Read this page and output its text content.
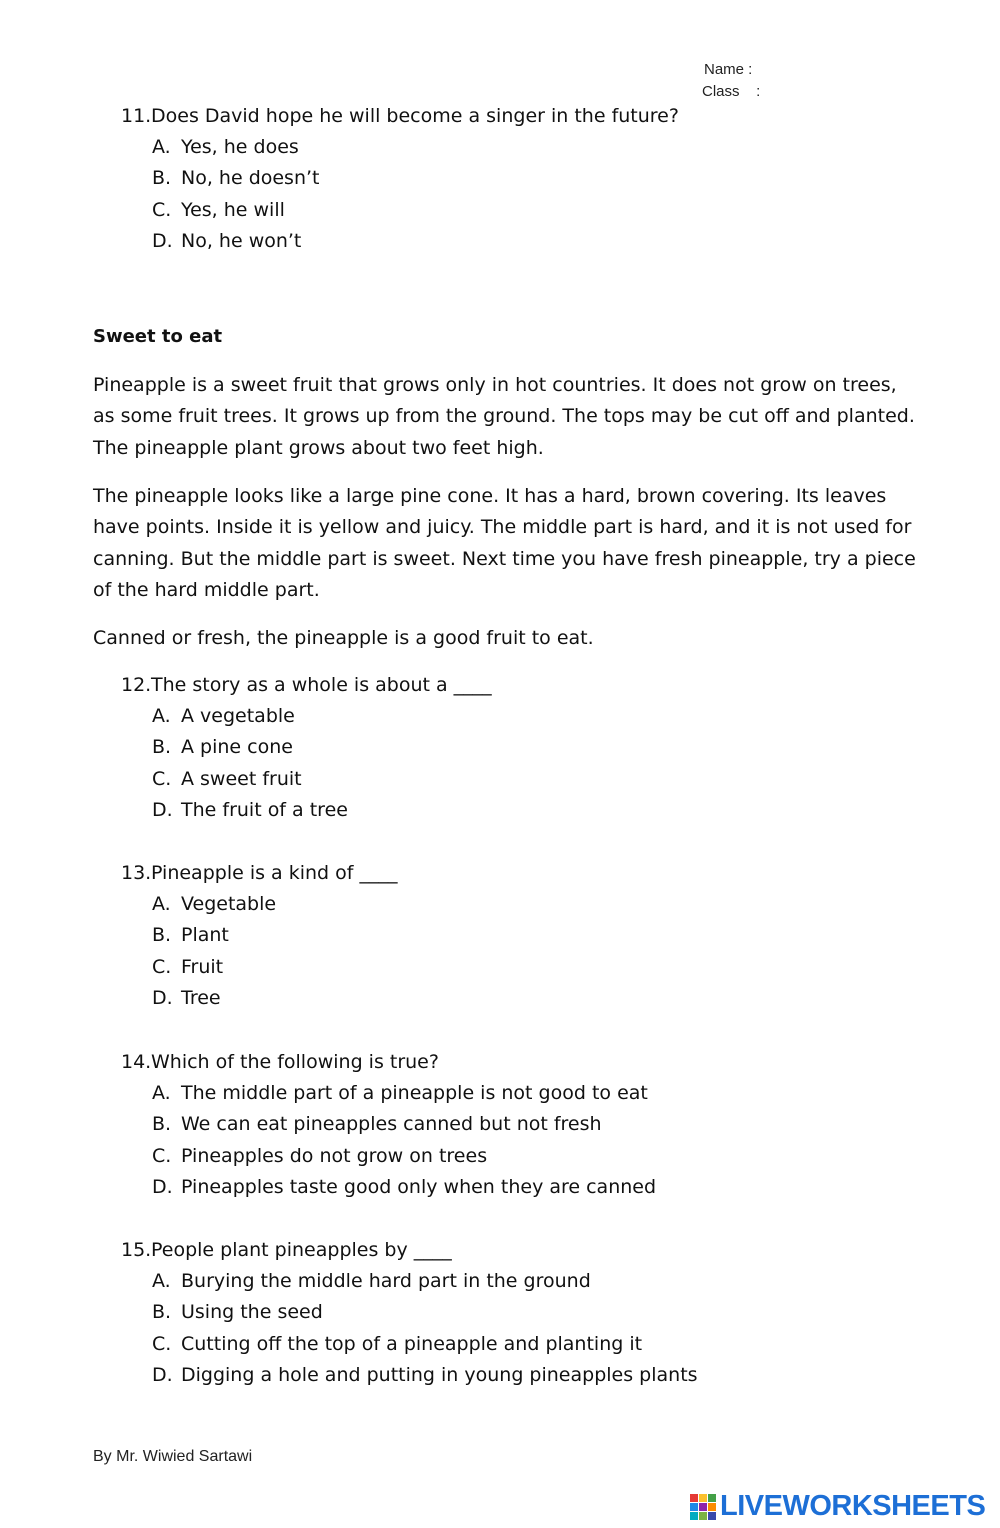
Name :
Class    :
11.Does David hope he will become a singer in the future?
A. Yes, he does
B. No, he doesn’t
C. Yes, he will
D. No, he won’t
Sweet to eat
Pineapple is a sweet fruit that grows only in hot countries. It does not grow on trees, as some fruit trees. It grows up from the ground. The tops may be cut off and planted. The pineapple plant grows about two feet high.
The pineapple looks like a large pine cone. It has a hard, brown covering. Its leaves have points. Inside it is yellow and juicy. The middle part is hard, and it is not used for canning. But the middle part is sweet. Next time you have fresh pineapple, try a piece of the hard middle part.
Canned or fresh, the pineapple is a good fruit to eat.
12.The story as a whole is about a ____
A. A vegetable
B. A pine cone
C. A sweet fruit
D. The fruit of a tree
13.Pineapple is a kind of ____
A. Vegetable
B. Plant
C. Fruit
D. Tree
14.Which of the following is true?
A. The middle part of a pineapple is not good to eat
B. We can eat pineapples canned but not fresh
C. Pineapples do not grow on trees
D. Pineapples taste good only when they are canned
15.People plant pineapples by ____
A. Burying the middle hard part in the ground
B. Using the seed
C. Cutting off the top of a pineapple and planting it
D. Digging a hole and putting in young pineapples plants
By Mr. Wiwied Sartawi
LIVEWORKSHEETS
